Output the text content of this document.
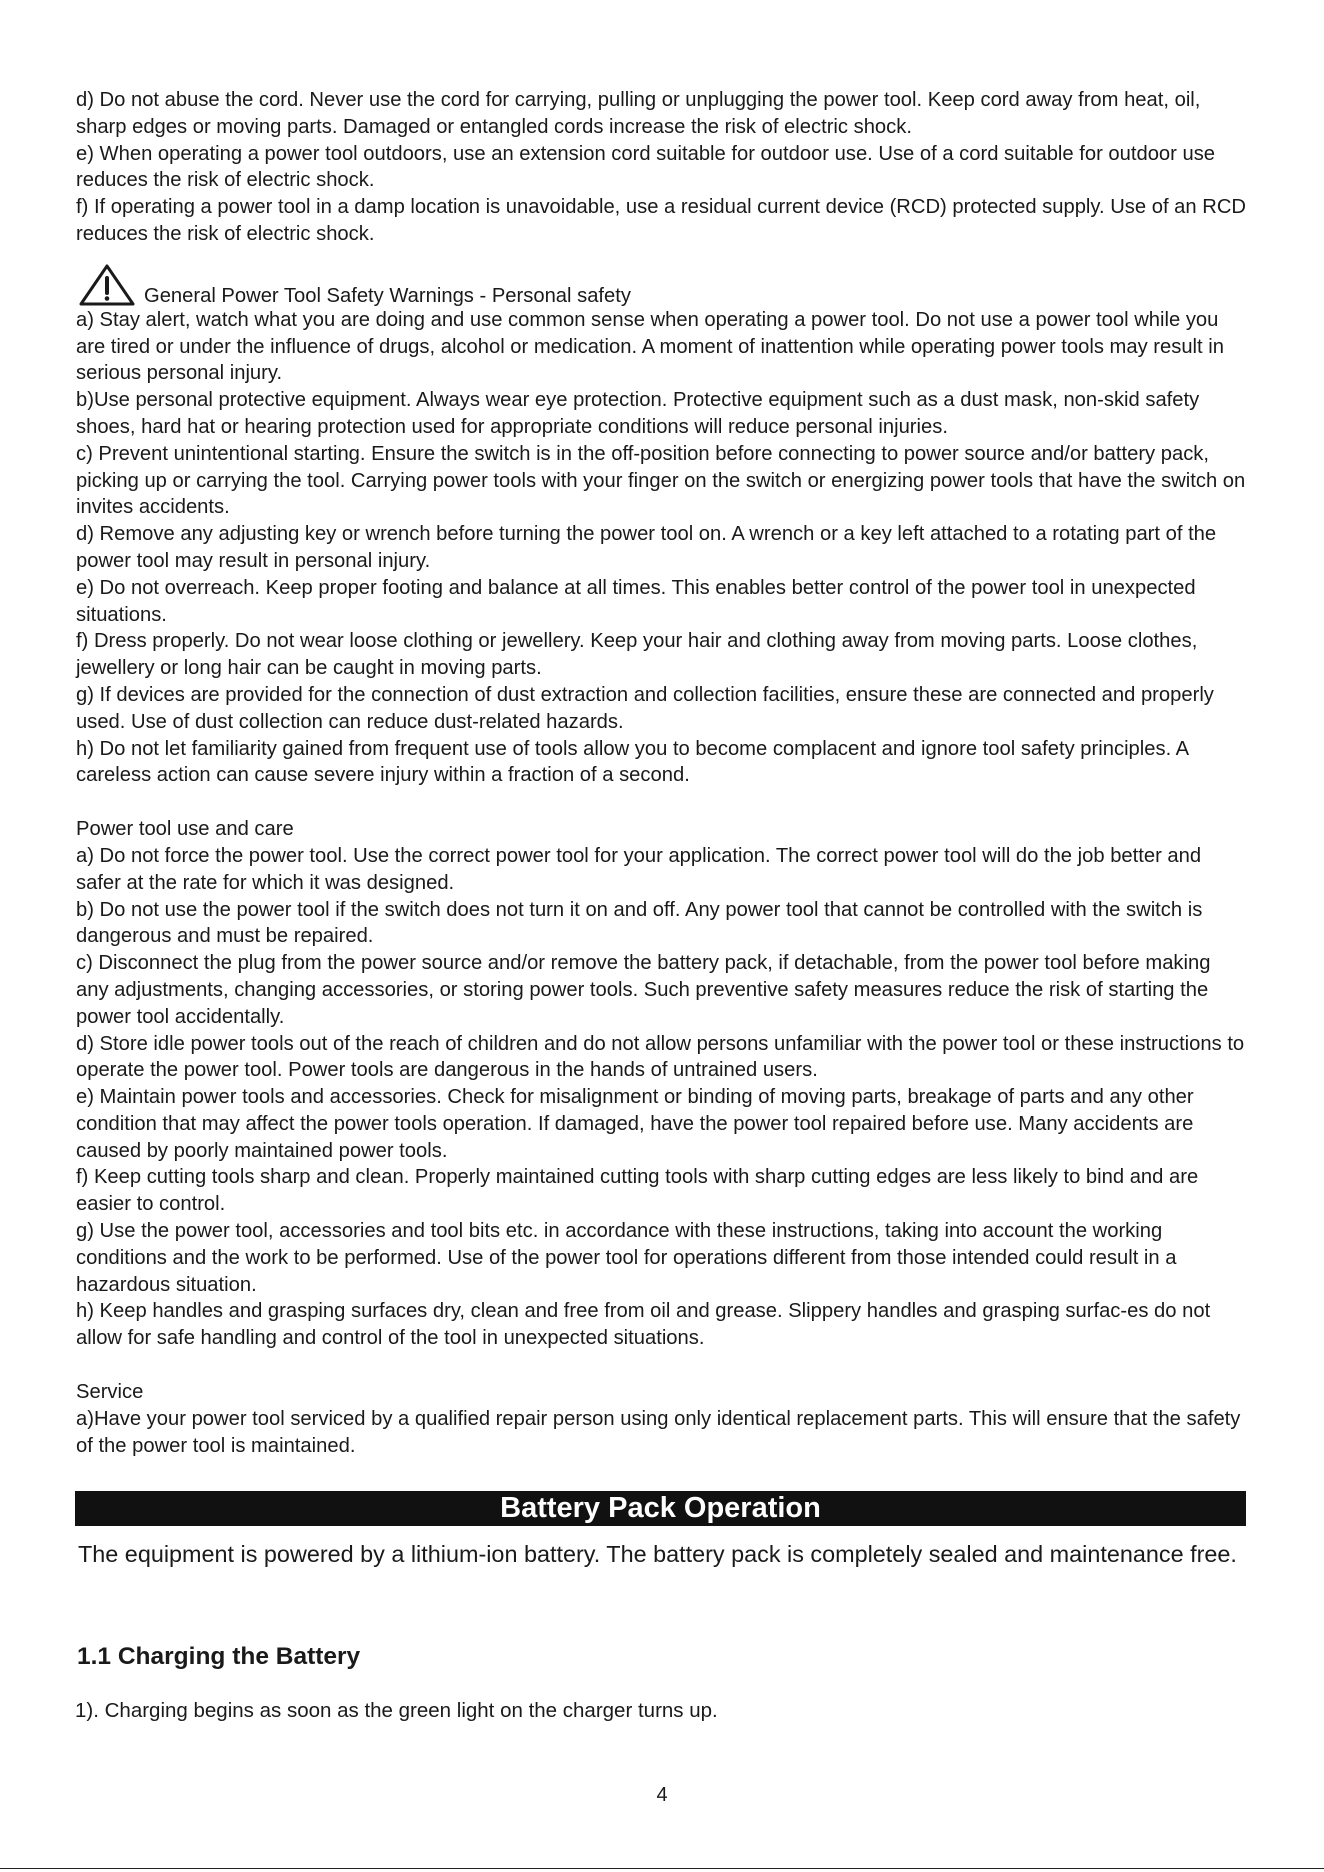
d) Do not abuse the cord. Never use the cord for carrying, pulling or unplugging the power tool. Keep cord away from heat, oil, sharp edges or moving parts. Damaged or entangled cords increase the risk of electric shock.

e) When operating a power tool outdoors, use an extension cord suitable for outdoor use. Use of a cord suitable for outdoor use reduces the risk of electric shock.

f) If operating a power tool in a damp location is unavoidable, use a residual current device (RCD) protected supply. Use of an RCD reduces the risk of electric shock.

General Power Tool Safety Warnings - Personal safety

a) Stay alert, watch what you are doing and use common sense when operating a power tool. Do not use a power tool while you are tired or under the influence of drugs, alcohol or medication. A moment of inattention while operating power tools may result in serious personal injury.

b)Use personal protective equipment. Always wear eye protection. Protective equipment such as a dust mask, non-skid safety shoes, hard hat or hearing protection used for appropriate conditions will reduce personal injuries.

c) Prevent unintentional starting. Ensure the switch is in the off-position before connecting to power source and/or battery pack, picking up or carrying the tool. Carrying power tools with your finger on the switch or energizing power tools that have the switch on invites accidents.

d) Remove any adjusting key or wrench before turning the power tool on. A wrench or a key left attached to a rotating part of the power tool may result in personal injury.

e) Do not overreach. Keep proper footing and balance at all times. This enables better control of the power tool in unexpected situations.

f) Dress properly. Do not wear loose clothing or jewellery. Keep your hair and clothing away from moving parts. Loose clothes, jewellery or long hair can be caught in moving parts.

g) If devices are provided for the connection of dust extraction and collection facilities, ensure these are connected and properly used. Use of dust collection can reduce dust-related hazards.

h) Do not let familiarity gained from frequent use of tools allow you to become complacent and ignore tool safety principles. A careless action can cause severe injury within a fraction of a second.

Power tool use and care

a) Do not force the power tool. Use the correct power tool for your application. The correct power tool will do the job better and safer at the rate for which it was designed.

b) Do not use the power tool if the switch does not turn it on and off. Any power tool that cannot be controlled with the switch is dangerous and must be repaired.

c) Disconnect the plug from the power source and/or remove the battery pack, if detachable, from the power tool before making any adjustments, changing accessories, or storing power tools. Such preventive safety measures reduce the risk of starting the power tool accidentally.

d) Store idle power tools out of the reach of children and do not allow persons unfamiliar with the power tool or these instructions to operate the power tool. Power tools are dangerous in the hands of untrained users.

e) Maintain power tools and accessories. Check for misalignment or binding of moving parts, breakage of parts and any other condition that may affect the power tools operation. If damaged, have the power tool repaired before use. Many accidents are caused by poorly maintained power tools.

f) Keep cutting tools sharp and clean. Properly maintained cutting tools with sharp cutting edges are less likely to bind and are easier to control.

g) Use the power tool, accessories and tool bits etc. in accordance with these instructions, taking into account the working conditions and the work to be performed. Use of the power tool for operations different from those intended could result in a hazardous situation.

h) Keep handles and grasping surfaces dry, clean and free from oil and grease. Slippery handles and grasping surfac-es do not allow for safe handling and control of the tool in unexpected situations.

Service

a)Have your power tool serviced by a qualified repair person using only identical replacement parts. This will ensure that the safety of the power tool is maintained.

Battery Pack Operation

The equipment is powered by a lithium-ion battery. The battery pack is completely sealed and maintenance free.

1.1 Charging the Battery

1). Charging begins as soon as the green light on the charger turns up.

4
